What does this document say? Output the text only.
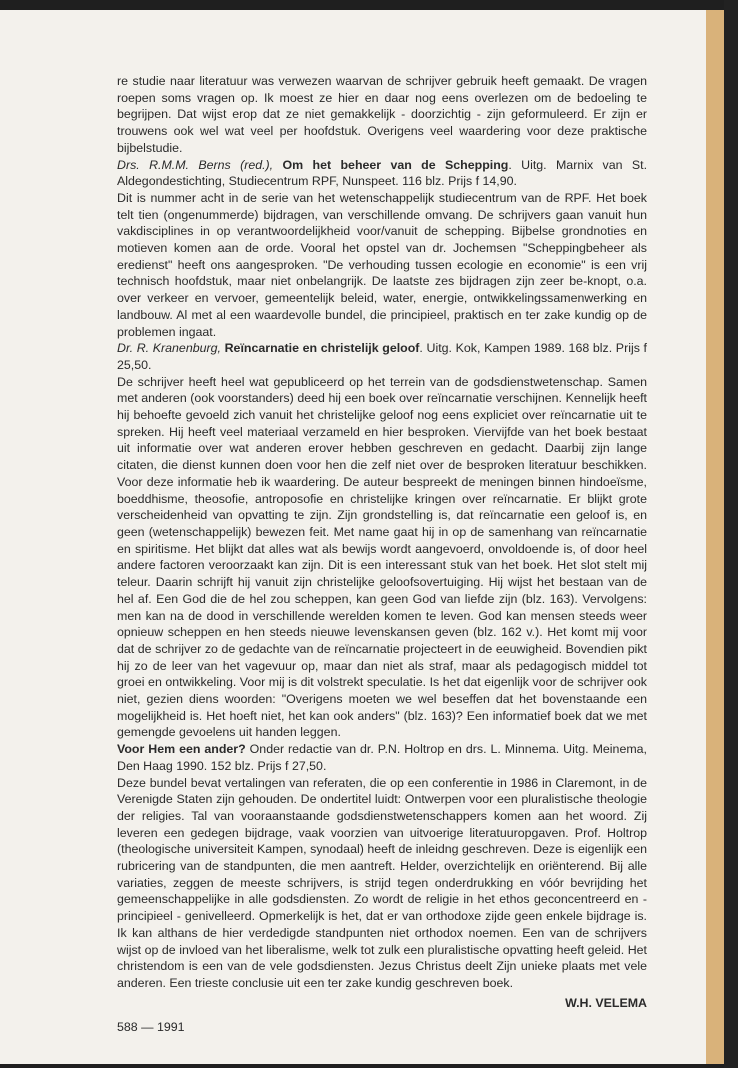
re studie naar literatuur was verwezen waarvan de schrijver gebruik heeft gemaakt. De vragen roepen soms vragen op. Ik moest ze hier en daar nog eens overlezen om de bedoeling te begrijpen. Dat wijst erop dat ze niet gemakkelijk - doorzichtig - zijn geformuleerd. Er zijn er trouwens ook wel wat veel per hoofdstuk. Overigens veel waardering voor deze praktische bijbelstudie.

Drs. R.M.M. Berns (red.), Om het beheer van de Schepping. Uitg. Marnix van St. Aldegondestichting, Studiecentrum RPF, Nunspeet. 116 blz. Prijs f 14,90.

Dit is nummer acht in de serie van het wetenschappelijk studiecentrum van de RPF. Het boek telt tien (ongenummerde) bijdragen, van verschillende omvang. De schrijvers gaan vanuit hun vakdisciplines in op verantwoordelijkheid voor/vanuit de schepping. Bijbelse grondnoties en motieven komen aan de orde. Vooral het opstel van dr. Jochemsen "Scheppingbeheer als eredienst" heeft ons aangesproken. "De verhouding tussen ecologie en economie" is een vrij technisch hoofdstuk, maar niet onbelangrijk. De laatste zes bijdragen zijn zeer be-knopt, o.a. over verkeer en vervoer, gemeentelijk beleid, water, energie, ontwikkelingssamenwerking en landbouw. Al met al een waardevolle bundel, die principieel, praktisch en ter zake kundig op de problemen ingaat.

Dr. R. Kranenburg, Reïncarnatie en christelijk geloof. Uitg. Kok, Kampen 1989. 168 blz. Prijs f 25,50.

De schrijver heeft heel wat gepubliceerd op het terrein van de godsdienstwetenschap. Samen met anderen (ook voorstanders) deed hij een boek over reïncarnatie verschijnen. Kennelijk heeft hij behoefte gevoeld zich vanuit het christelijke geloof nog eens expliciet over reïncarnatie uit te spreken. Hij heeft veel materiaal verzameld en hier besproken. Viervijfde van het boek bestaat uit informatie over wat anderen erover hebben geschreven en gedacht. Daarbij zijn lange citaten, die dienst kunnen doen voor hen die zelf niet over de besproken literatuur beschikken. Voor deze informatie heb ik waardering. De auteur bespreekt de meningen binnen hindoeïsme, boeddhisme, theosofie, antroposofie en christelijke kringen over reïncarnatie. Er blijkt grote verscheidenheid van opvatting te zijn. Zijn grondstelling is, dat reïncarnatie een geloof is, en geen (wetenschappelijk) bewezen feit. Met name gaat hij in op de samenhang van reïncarnatie en spiritisme. Het blijkt dat alles wat als bewijs wordt aangevoerd, onvoldoende is, of door heel andere factoren veroorzaakt kan zijn. Dit is een interessant stuk van het boek. Het slot stelt mij teleur. Daarin schrijft hij vanuit zijn christelijke geloofsovertuiging. Hij wijst het bestaan van de hel af. Een God die de hel zou scheppen, kan geen God van liefde zijn (blz. 163). Vervolgens: men kan na de dood in verschillende werelden komen te leven. God kan mensen steeds weer opnieuw scheppen en hen steeds nieuwe levenskansen geven (blz. 162 v.). Het komt mij voor dat de schrijver zo de gedachte van de reïncarnatie projecteert in de eeuwigheid. Bovendien pikt hij zo de leer van het vagevuur op, maar dan niet als straf, maar als pedagogisch middel tot groei en ontwikkeling. Voor mij is dit volstrekt speculatie. Is het dat eigenlijk voor de schrijver ook niet, gezien diens woorden: "Overigens moeten we wel beseffen dat het bovenstaande een mogelijkheid is. Het hoeft niet, het kan ook anders" (blz. 163)? Een informatief boek dat we met gemengde gevoelens uit handen leggen.

Voor Hem een ander? Onder redactie van dr. P.N. Holtrop en drs. L. Minnema. Uitg. Meinema, Den Haag 1990. 152 blz. Prijs f 27,50.

Deze bundel bevat vertalingen van referaten, die op een conferentie in 1986 in Claremont, in de Verenigde Staten zijn gehouden. De ondertitel luidt: Ontwerpen voor een pluralistische theologie der religies. Tal van vooraanstaande godsdienstwetenschappers komen aan het woord. Zij leveren een gedegen bijdrage, vaak voorzien van uitvoerige literatuuropgaven. Prof. Holtrop (theologische universiteit Kampen, synodaal) heeft de inleidng geschreven. Deze is eigenlijk een rubricering van de standpunten, die men aantreft. Helder, overzichtelijk en oriënterend. Bij alle variaties, zeggen de meeste schrijvers, is strijd tegen onderdrukking en vóór bevrijding het gemeenschappelijke in alle godsdiensten. Zo wordt de religie in het ethos geconcentreerd en - principieel - genivelleerd. Opmerkelijk is het, dat er van orthodoxe zijde geen enkele bijdrage is. Ik kan althans de hier verdedigde standpunten niet orthodox noemen. Een van de schrijvers wijst op de invloed van het liberalisme, welk tot zulk een pluralistische opvatting heeft geleid. Het christendom is een van de vele godsdiensten. Jezus Christus deelt Zijn unieke plaats met vele anderen. Een trieste conclusie uit een ter zake kundig geschreven boek.

W.H. VELEMA
588 — 1991
